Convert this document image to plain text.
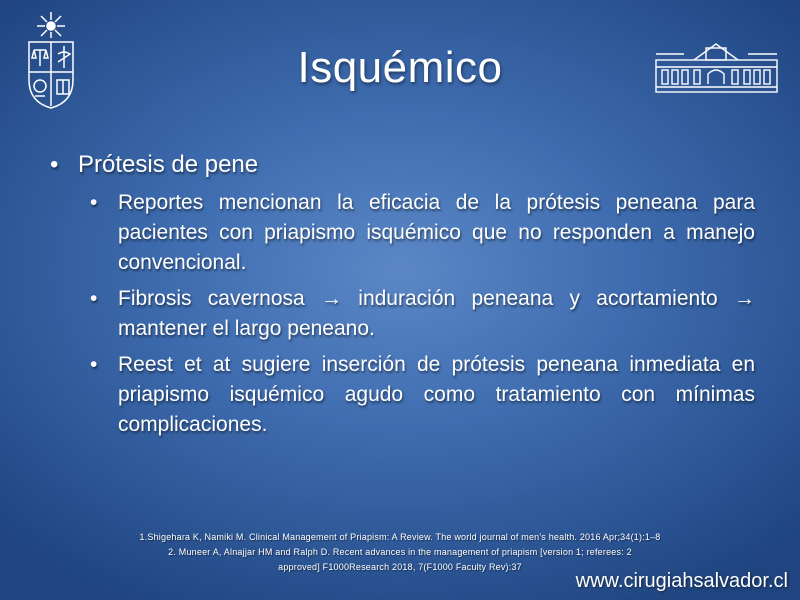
Isquémico
• Prótesis de pene
• Reportes mencionan la eficacia de la prótesis peneana para pacientes con priapismo isquémico que no responden a manejo convencional.
• Fibrosis cavernosa → induración peneana y acortamiento → mantener el largo peneano.
• Reest et at sugiere inserción de prótesis peneana inmediata en priapismo isquémico agudo como tratamiento con mínimas complicaciones.
1.Shigehara K, Namiki M. Clinical Management of Priapism: A Review. The world journal of men's health. 2016 Apr;34(1):1–8
2. Muneer A, Alnajjar HM and Ralph D. Recent advances in the management of priapism [version 1; referees: 2
approved] F1000Research 2018, 7(F1000 Faculty Rev):37
www.cirugiahsalvador.cl
